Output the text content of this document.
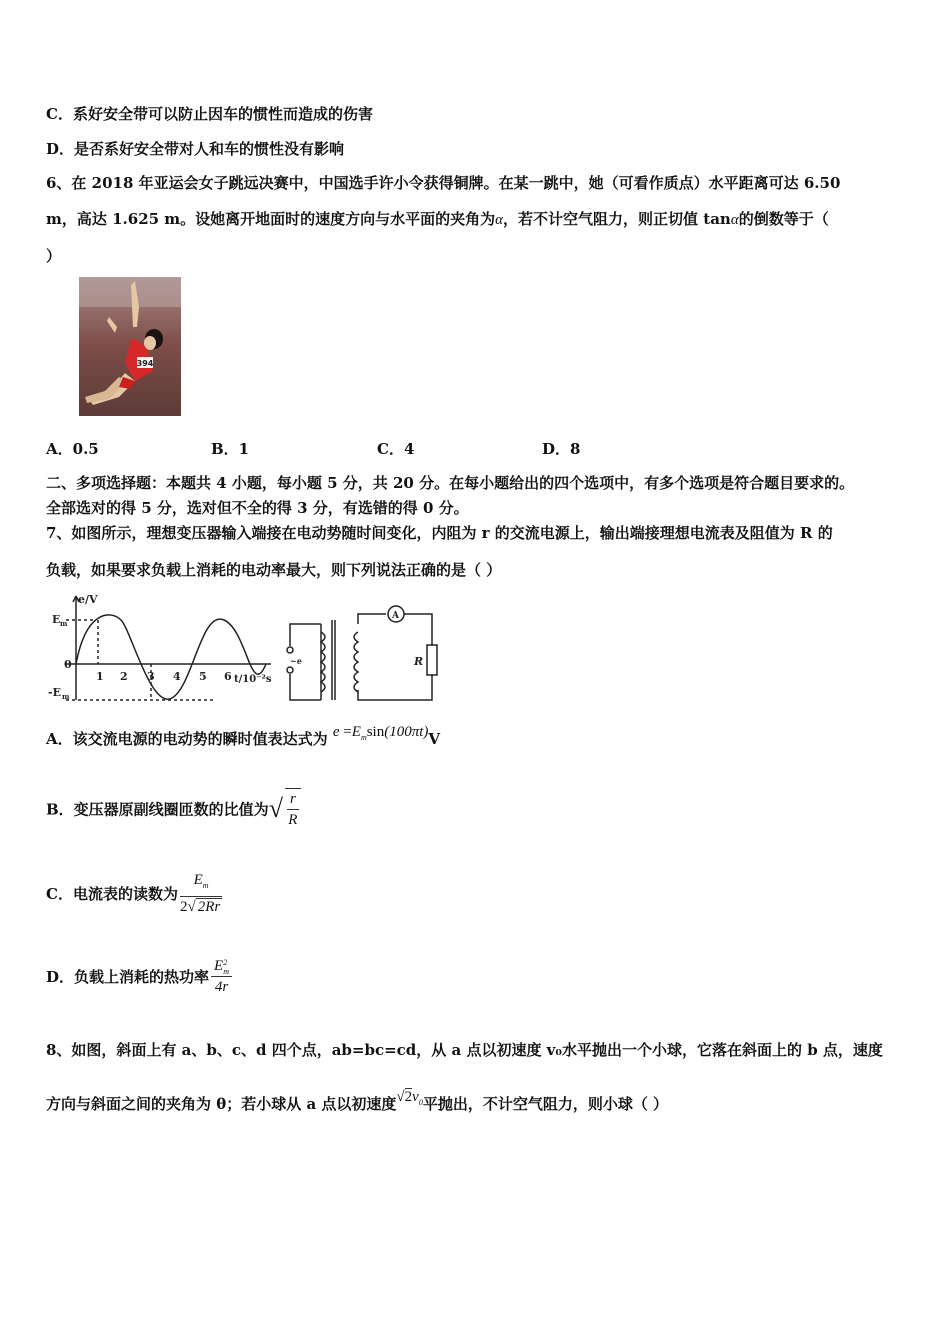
C．系好安全带可以防止因车的惯性而造成的伤害
D．是否系好安全带对人和车的惯性没有影响
6、在 2018 年亚运会女子跳远决赛中，中国选手许小令获得铜牌。在某一跳中，她（可看作质点）水平距离可达 6.50
m，高达 1.625 m。设她离开地面时的速度方向与水平面的夹角为α，若不计空气阻力，则正切值 tanα的倒数等于（
）
394
A．0.5	B．1	C．4	D．8
二、多项选择题：本题共 4 小题，每小题 5 分，共 20 分。在每小题给出的四个选项中，有多个选项是符合题目要求的。
全部选对的得 5 分，选对但不全的得 3 分，有选错的得 0 分。
7、如图所示，理想变压器输入端接在电动势随时间变化，内阻为 r 的交流电源上，输出端接理想电流表及阻值为 R 的
负载，如果要求负载上消耗的电动率最大，则下列说法正确的是（ ）
e/V
E m
0
-E m
1 2 3 4 5 6 t/10⁻²s
A
R
~e
A．该交流电源的电动势的瞬时值表达式为 $e =E_m\sin(100\pi t)V$
B．变压器原副线圈匝数的比值为√ $\frac{r}{R}$
C．电流表的读数为 $\frac{E_m}{2√ 2Rr}$
D．负载上消耗的热功率 E 2
m
4r
8、如图，斜面上有 a、b、c、d 四个点，ab=bc=cd，从 a 点以初速度 v₀水平抛出一个小球，它落在斜面上的 b 点，速度
方向与斜面之间的夹角为 θ；若小球从 a 点以初速度$√2v_0$平抛出，不计空气阻力，则小球（ ）
